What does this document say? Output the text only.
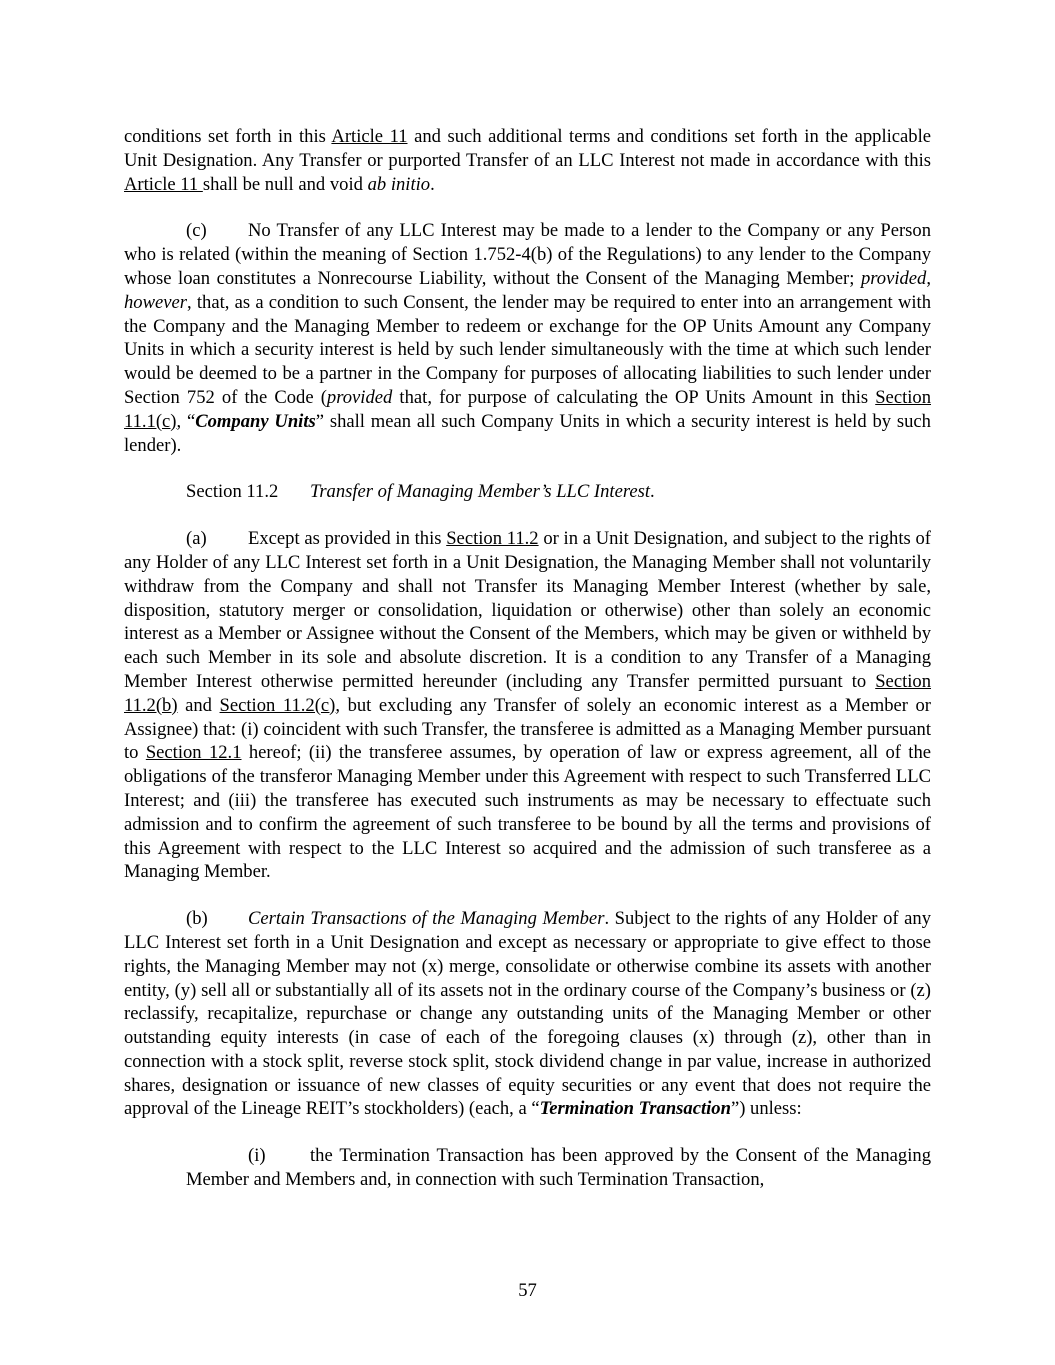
conditions set forth in this Article 11 and such additional terms and conditions set forth in the applicable Unit Designation. Any Transfer or purported Transfer of an LLC Interest not made in accordance with this Article 11 shall be null and void ab initio.

(c) No Transfer of any LLC Interest may be made to a lender to the Company or any Person who is related (within the meaning of Section 1.752-4(b) of the Regulations) to any lender to the Company whose loan constitutes a Nonrecourse Liability, without the Consent of the Managing Member; provided, however, that, as a condition to such Consent, the lender may be required to enter into an arrangement with the Company and the Managing Member to redeem or exchange for the OP Units Amount any Company Units in which a security interest is held by such lender simultaneously with the time at which such lender would be deemed to be a partner in the Company for purposes of allocating liabilities to such lender under Section 752 of the Code (provided that, for purpose of calculating the OP Units Amount in this Section 11.1(c), “Company Units” shall mean all such Company Units in which a security interest is held by such lender).

Section 11.2 Transfer of Managing Member’s LLC Interest.

(a) Except as provided in this Section 11.2 or in a Unit Designation, and subject to the rights of any Holder of any LLC Interest set forth in a Unit Designation, the Managing Member shall not voluntarily withdraw from the Company and shall not Transfer its Managing Member Interest (whether by sale, disposition, statutory merger or consolidation, liquidation or otherwise) other than solely an economic interest as a Member or Assignee without the Consent of the Members, which may be given or withheld by each such Member in its sole and absolute discretion. It is a condition to any Transfer of a Managing Member Interest otherwise permitted hereunder (including any Transfer permitted pursuant to Section 11.2(b) and Section 11.2(c), but excluding any Transfer of solely an economic interest as a Member or Assignee) that: (i) coincident with such Transfer, the transferee is admitted as a Managing Member pursuant to Section 12.1 hereof; (ii) the transferee assumes, by operation of law or express agreement, all of the obligations of the transferor Managing Member under this Agreement with respect to such Transferred LLC Interest; and (iii) the transferee has executed such instruments as may be necessary to effectuate such admission and to confirm the agreement of such transferee to be bound by all the terms and provisions of this Agreement with respect to the LLC Interest so acquired and the admission of such transferee as a Managing Member.

(b) Certain Transactions of the Managing Member. Subject to the rights of any Holder of any LLC Interest set forth in a Unit Designation and except as necessary or appropriate to give effect to those rights, the Managing Member may not (x) merge, consolidate or otherwise combine its assets with another entity, (y) sell all or substantially all of its assets not in the ordinary course of the Company’s business or (z) reclassify, recapitalize, repurchase or change any outstanding units of the Managing Member or other outstanding equity interests (in case of each of the foregoing clauses (x) through (z), other than in connection with a stock split, reverse stock split, stock dividend change in par value, increase in authorized shares, designation or issuance of new classes of equity securities or any event that does not require the approval of the Lineage REIT’s stockholders) (each, a “Termination Transaction”) unless:

(i) the Termination Transaction has been approved by the Consent of the Managing Member and Members and, in connection with such Termination Transaction,

57
